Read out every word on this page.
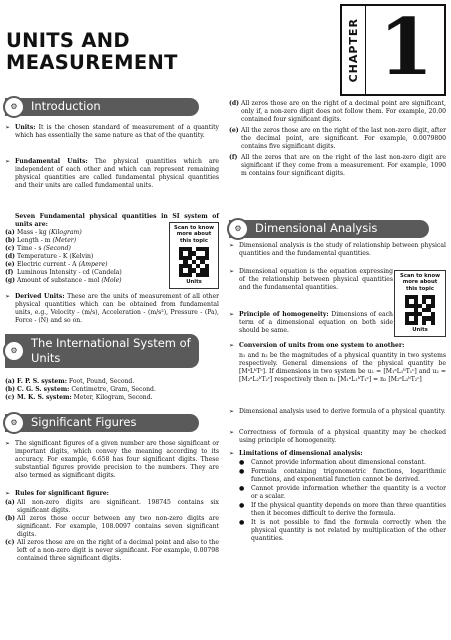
UNITS AND
MEASUREMENT	CHAPTER 1
⚙	Introduction
➢ Units: It is the chosen standard of measurement of a quantity which has essentially the same nature as that of the quantity.
➢ Fundamental Units: The physical quantities which are independent of each other and which can represent remaining physical quantities are called fundamental physical quantities and their units are called fundamental units.
Seven Fundamental physical quantities in SI system of units are:
(a) Mass - kg (Kilogram)
(b) Length - m (Meter)
(c) Time - s (Second)
(d) Temperature - K (Kelvin)
(e) Electric current - A (Ampere)
(f) Luminous Intensity - cd (Candela)
(g) Amount of substance - mol (Mole)
Scan to know
more about
this topic
Units
➢ Derived Units: These are the units of measurement of all other physical quantities which can be obtained from fundamental units, e.g., Velocity - (m/s), Acceleration - (m/s²), Pressure - (Pa), Force - (N) and so on.
⚙
The International System of Units
(a) F. P. S. system: Foot, Pound, Second.
(b) C. G. S. system: Centimetre, Gram, Second.
(c) M. K. S. system: Meter, Kilogram, Second.
⚙	Significant Figures
➢ The significant figures of a given number are those significant or important digits, which convey the meaning according to its accuracy. For example, 6.658 has four significant digits. These substantial figures provide precision to the numbers. They are also termed as significant digits.
➢ Rules for significant figure:
(a) All non-zero digits are significant. 198745 contains six significant digits.
(b) All zeros those occur between any two non-zero digits are significant. For example, 108.0097 contains seven significant digits.
(c) All zeros those are on the right of a decimal point and also to the left of a non-zero digit is never significant. For example, 0.00798 contained three significant digits.
(d) All zeros those are on the right of a decimal point are significant, only if, a non-zero digit does not follow them. For example, 20.00 contained four significant digits.
(e) All the zeros those are on the right of the last non-zero digit, after the decimal point, are significant. For example, 0.0079800 contains five significant digits.
(f) All the zeros that are on the right of the last non-zero digit are significant if they come from a measurement. For example, 1090 m contains four significant digits.
⚙	Dimensional Analysis
➢ Dimensional analysis is the study of relationship between physical quantities and the fundamental quantities.
➢ Dimensional equation is the equation expressing of the relationship between physical quantities and the fundamental quantities.
Scan to know
more about
this topic
Units
➢ Principle of homogeneity: Dimensions of each term of a dimensional equation on both side should be same.
➢ Conversion of units from one system to another:
n₁ and n₂ be the magnitudes of a physical quantity in two systems respectively. General dimensions of the physical quantity be [MᵃLᵇTᶜ]. If dimensions in two system be u₁ = [M₁ᵃL₁ᵇT₁ᶜ] and u₂ = [M₂ᵃL₂ᵇT₂ᶜ] respectively then n₁ [M₁ᵃL₁ᵇT₁ᶜ] = n₂ [M₂ᵃL₂ᵇT₂ᶜ]
➢ Dimensional analysis used to derive formula of a physical quantity.
➢ Correctness of formula of a physical quantity may be checked using principle of homogeneity.
➢ Limitations of dimensional analysis:
● Cannot provide information about dimensional constant.
● Formula containing trigonometric functions, logarithmic functions, and exponential function cannot be derived.
● Cannot provide information whether the quantity is a vector or a scalar.
● If the physical quantity depends on more than three quantities then it becomes difficult to derive the formula.
● It is not possible to find the formula correctly when the physical quantity is not related by multiplication of the other quantities.
